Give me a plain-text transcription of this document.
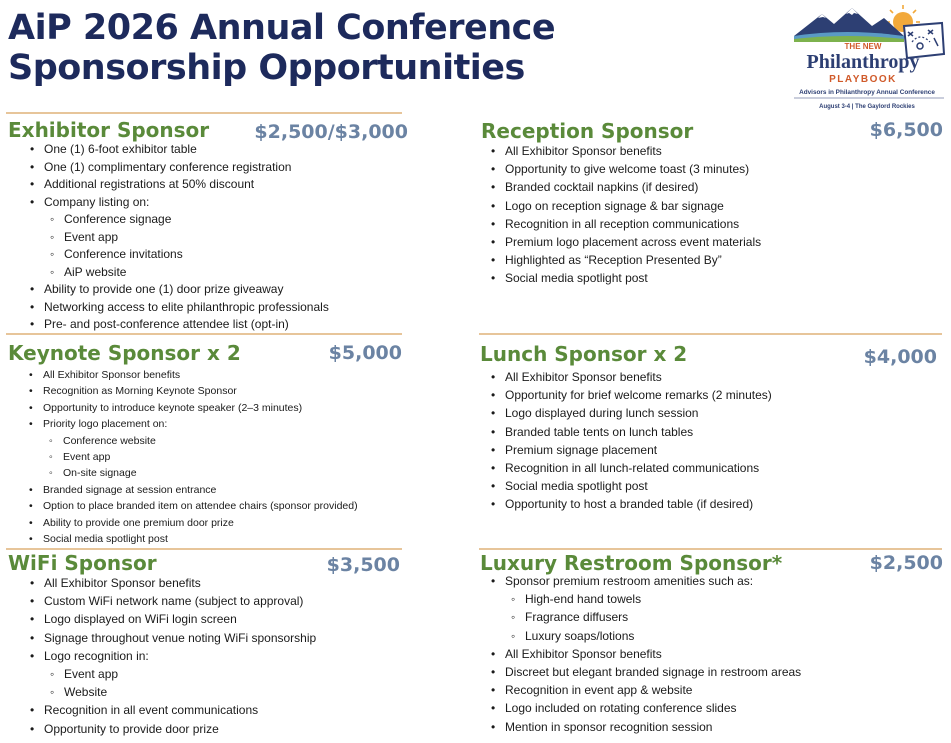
AiP 2026 Annual Conference
Sponsorship Opportunities
THE NEW
Philanthropy
PLAYBOOK
Advisors in Philanthropy Annual Conference
August 3-4 | The Gaylord Rockies
Exhibitor Sponsor $2,500/$3,000
• One (1) 6-foot exhibitor table
• One (1) complimentary conference registration
• Additional registrations at 50% discount
• Company listing on:
◦ Conference signage
◦ Event app
◦ Conference invitations
◦ AiP website
• Ability to provide one (1) door prize giveaway
• Networking access to elite philanthropic professionals
• Pre- and post-conference attendee list (opt-in)
Reception Sponsor	$6,500
• All Exhibitor Sponsor benefits
• Opportunity to give welcome toast (3 minutes)
• Branded cocktail napkins (if desired)
• Logo on reception signage & bar signage
• Recognition in all reception communications
• Premium logo placement across event materials
• Highlighted as “Reception Presented By”
• Social media spotlight post
Keynote Sponsor x 2	$5,000
• All Exhibitor Sponsor benefits
• Recognition as Morning Keynote Sponsor
• Opportunity to introduce keynote speaker (2–3 minutes)
• Priority logo placement on:
◦ Conference website
◦ Event app
◦ On-site signage
• Branded signage at session entrance
• Option to place branded item on attendee chairs (sponsor provided)
• Ability to provide one premium door prize
• Social media spotlight post
Lunch Sponsor x 2	$4,000
• All Exhibitor Sponsor benefits
• Opportunity for brief welcome remarks (2 minutes)
• Logo displayed during lunch session
• Branded table tents on lunch tables
• Premium signage placement
• Recognition in all lunch-related communications
• Social media spotlight post
• Opportunity to host a branded table (if desired)
WiFi Sponsor	$3,500
• All Exhibitor Sponsor benefits
• Custom WiFi network name (subject to approval)
• Logo displayed on WiFi login screen
• Signage throughout venue noting WiFi sponsorship
• Logo recognition in:
◦ Event app
◦ Website
• Recognition in all event communications
• Opportunity to provide door prize
Luxury Restroom Sponsor*	$2,500
• Sponsor premium restroom amenities such as:
◦ High-end hand towels
◦ Fragrance diffusers
◦ Luxury soaps/lotions
• All Exhibitor Sponsor benefits
• Discreet but elegant branded signage in restroom areas
• Recognition in event app & website
• Logo included on rotating conference slides
• Mention in sponsor recognition session
